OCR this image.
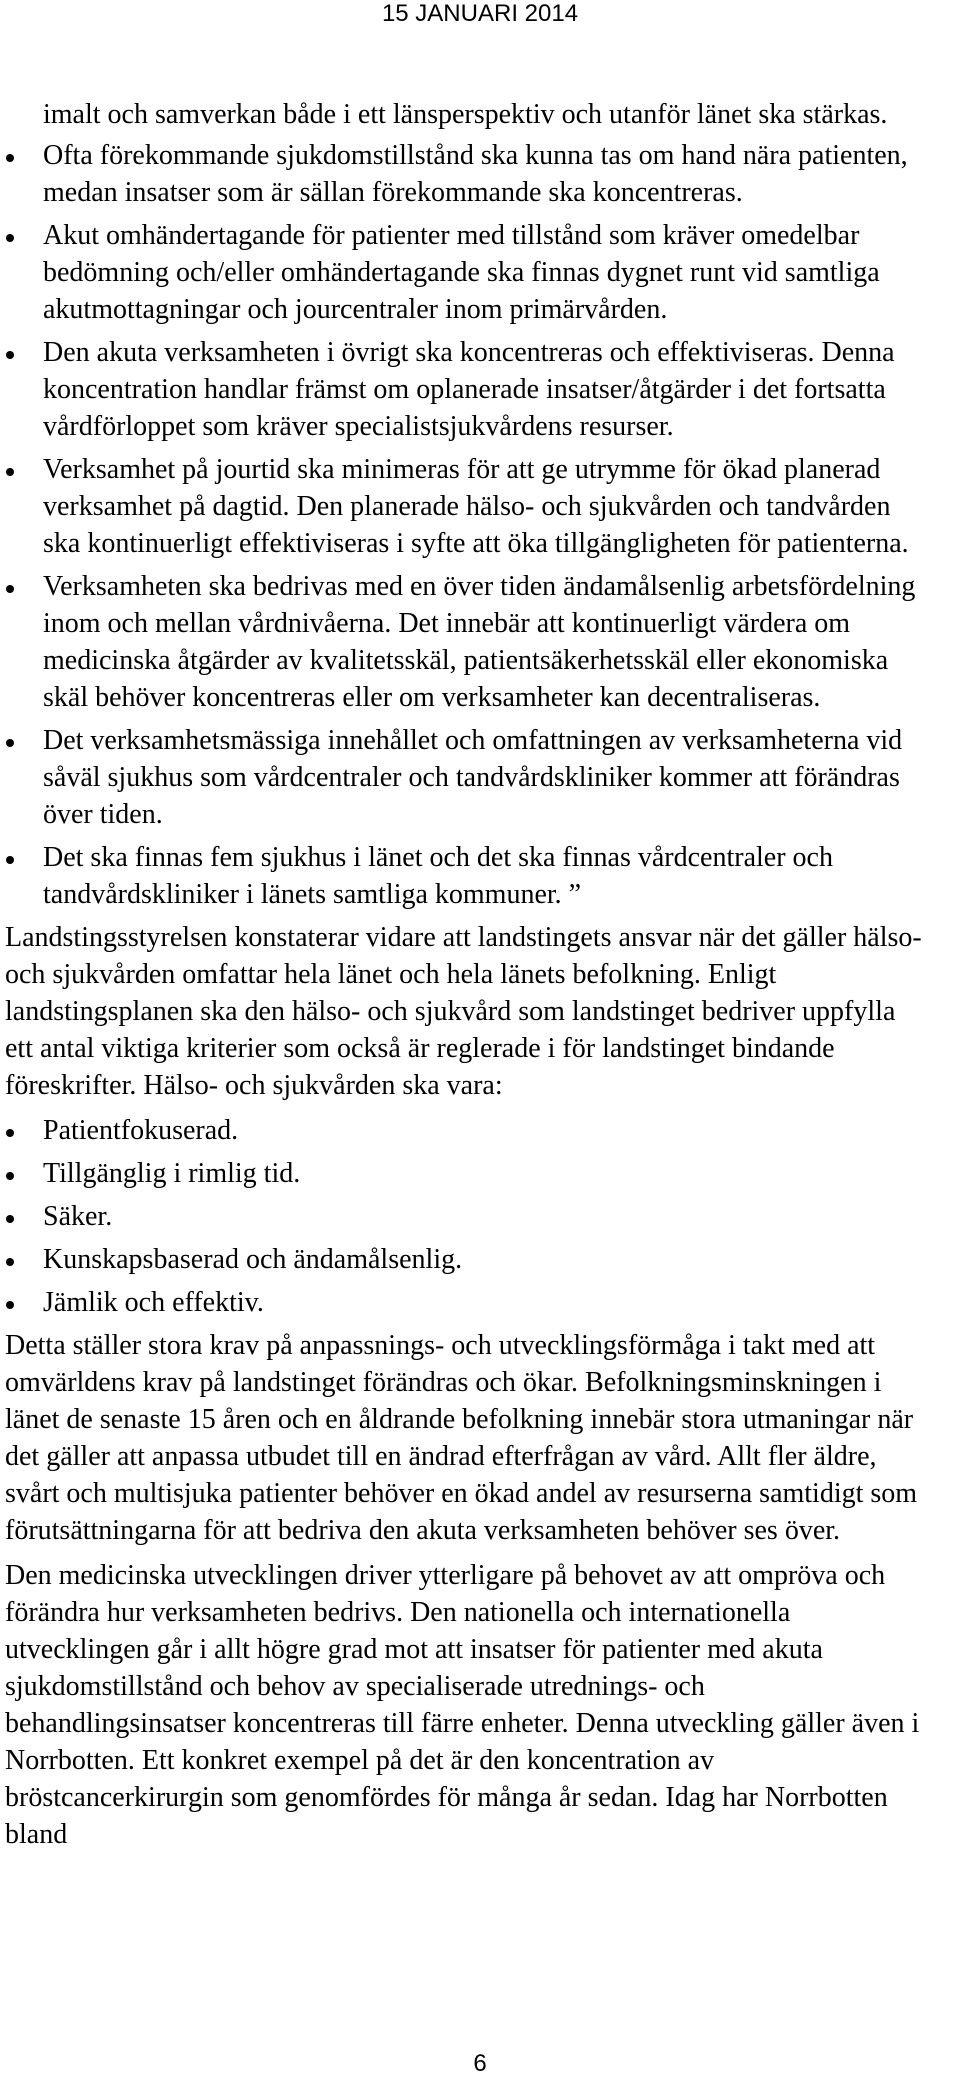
15 JANUARI 2014

imalt och samverkan både i ett länsperspektiv och utanför länet ska stärkas.

Ofta förekommande sjukdomstillstånd ska kunna tas om hand nära patienten, medan insatser som är sällan förekommande ska koncentreras.
Akut omhändertagande för patienter med tillstånd som kräver omedelbar bedömning och/eller omhändertagande ska finnas dygnet runt vid samtliga akutmottagningar och jourcentraler inom primärvården.
Den akuta verksamheten i övrigt ska koncentreras och effektiviseras. Denna koncentration handlar främst om oplanerade insatser/åtgärder i det fortsatta vårdförloppet som kräver specialistsjukvårdens resurser.
Verksamhet på jourtid ska minimeras för att ge utrymme för ökad planerad verksamhet på dagtid. Den planerade hälso- och sjukvården och tandvården ska kontinuerligt effektiviseras i syfte att öka tillgängligheten för patienterna.
Verksamheten ska bedrivas med en över tiden ändamålsenlig arbetsfördelning inom och mellan vårdnivåerna. Det innebär att kontinuerligt värdera om medicinska åtgärder av kvalitetsskäl, patientsäkerhetsskäl eller ekonomiska skäl behöver koncentreras eller om verksamheter kan decentraliseras.
Det verksamhetsmässiga innehållet och omfattningen av verksamheterna vid såväl sjukhus som vårdcentraler och tandvårdskliniker kommer att förändras över tiden.
Det ska finnas fem sjukhus i länet och det ska finnas vårdcentraler och tandvårdskliniker i länets samtliga kommuner. ”

Landstingsstyrelsen konstaterar vidare att landstingets ansvar när det gäller hälso- och sjukvården omfattar hela länet och hela länets befolkning. Enligt landstingsplanen ska den hälso- och sjukvård som landstinget bedriver uppfylla ett antal viktiga kriterier som också är reglerade i för landstinget bindande föreskrifter. Hälso- och sjukvården ska vara:

Patientfokuserad.
Tillgänglig i rimlig tid.
Säker.
Kunskapsbaserad och ändamålsenlig.
Jämlik och effektiv.

Detta ställer stora krav på anpassnings- och utvecklingsförmåga i takt med att omvärldens krav på landstinget förändras och ökar. Befolkningsminskningen i länet de senaste 15 åren och en åldrande befolkning innebär stora utmaningar när det gäller att anpassa utbudet till en ändrad efterfrågan av vård. Allt fler äldre, svårt och multisjuka patienter behöver en ökad andel av resurserna samtidigt som förutsättningarna för att bedriva den akuta verksamheten behöver ses över.

Den medicinska utvecklingen driver ytterligare på behovet av att ompröva och förändra hur verksamheten bedrivs. Den nationella och internationella utvecklingen går i allt högre grad mot att insatser för patienter med akuta sjukdomstillstånd och behov av specialiserade utrednings- och behandlingsinsatser koncentreras till färre enheter. Denna utveckling gäller även i Norrbotten. Ett konkret exempel på det är den koncentration av bröstcancerkirurgin som genomfördes för många år sedan. Idag har Norrbotten bland

6
